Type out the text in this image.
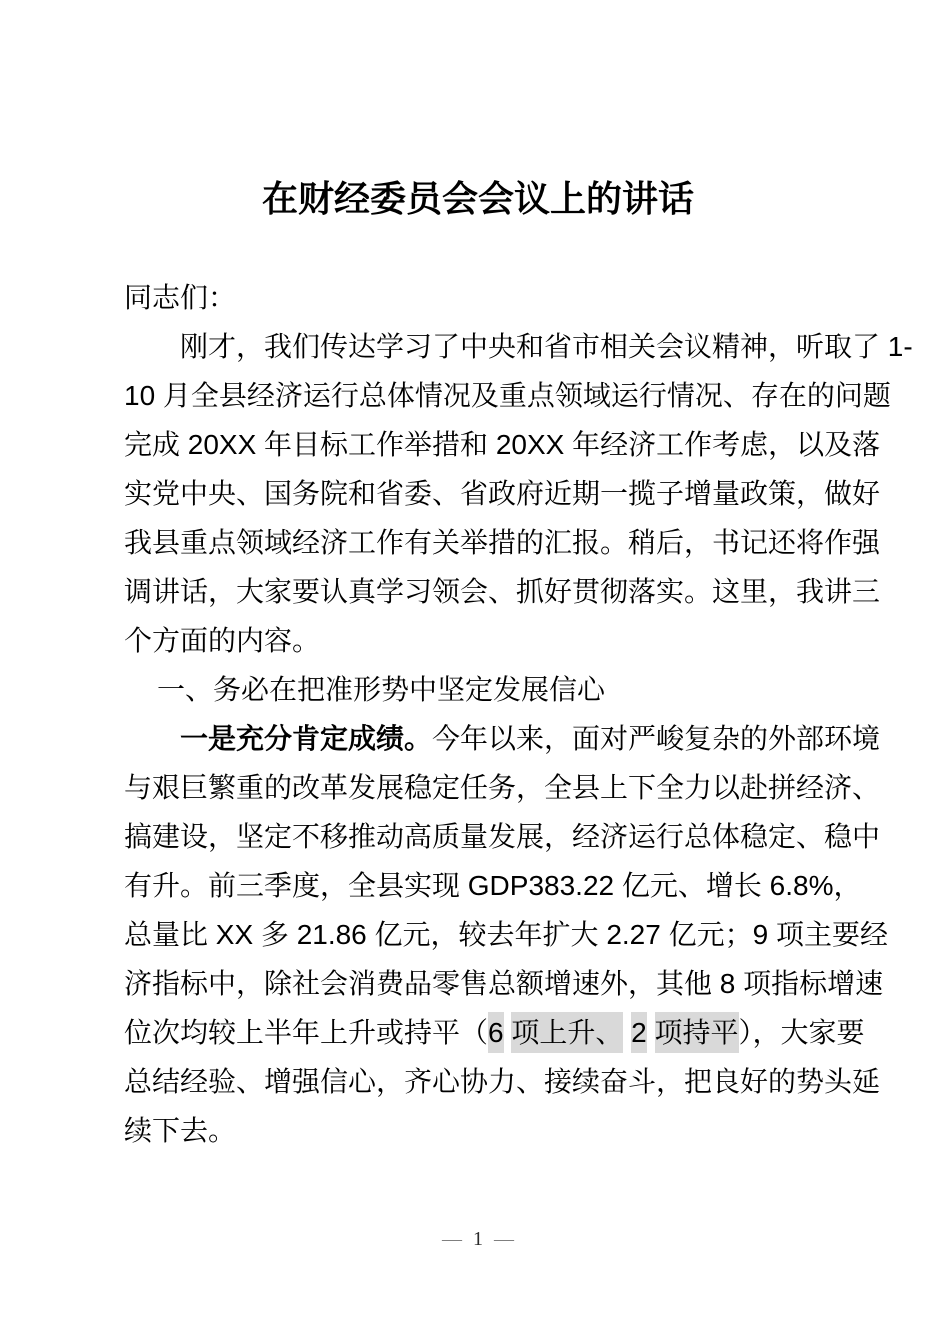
在财经委员会会议上的讲话
同志们：
刚才，我们传达学习了中央和省市相关会议精神，听取了 1-
10 月全县经济运行总体情况及重点领域运行情况、存在的问题
完成 20XX 年目标工作举措和 20XX 年经济工作考虑，以及落
实党中央、国务院和省委、省政府近期一揽子增量政策，做好
我县重点领域经济工作有关举措的汇报。稍后，书记还将作强
调讲话，大家要认真学习领会、抓好贯彻落实。这里，我讲三
个方面的内容。
一、务必在把准形势中坚定发展信心
一是充分肯定成绩。今年以来，面对严峻复杂的外部环境
与艰巨繁重的改革发展稳定任务，全县上下全力以赴拼经济、
搞建设，坚定不移推动高质量发展，经济运行总体稳定、稳中
有升。前三季度，全县实现 GDP383.22 亿元、增长 6.8%，
总量比 XX 多 21.86 亿元，较去年扩大 2.27 亿元；9 项主要经
济指标中，除社会消费品零售总额增速外，其他 8 项指标增速
位次均较上半年上升或持平（6 项上升、 2 项持平），大家要
总结经验、增强信心，齐心协力、接续奋斗，把良好的势头延
续下去。
— 1 —
